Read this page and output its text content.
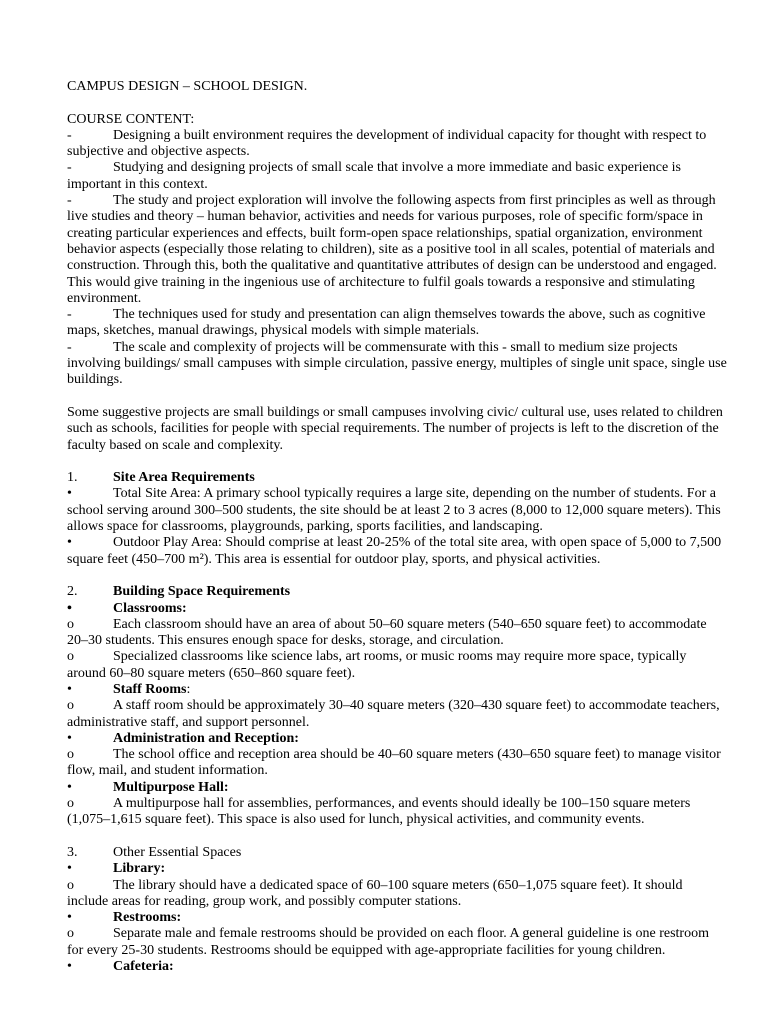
CAMPUS DESIGN – SCHOOL DESIGN.

COURSE CONTENT:

-	Designing a built environment requires the development of individual capacity for thought with respect to subjective and objective aspects.

-	Studying and designing projects of small scale that involve a more immediate and basic experience is important in this context.

-	The study and project exploration will involve the following aspects from first principles as well as through live studies and theory – human behavior, activities and needs for various purposes, role of specific form/space in creating particular experiences and effects, built form-open space relationships, spatial organization, environment behavior aspects (especially those relating to children), site as a positive tool in all scales, potential of materials and construction. Through this, both the qualitative and quantitative attributes of design can be understood and engaged. This would give training in the ingenious use of architecture to fulfil goals towards a responsive and stimulating environment.

-	The techniques used for study and presentation can align themselves towards the above, such as cognitive maps, sketches, manual drawings, physical models with simple materials.

-	The scale and complexity of projects will be commensurate with this - small to medium size projects involving buildings/ small campuses with simple circulation, passive energy, multiples of single unit space, single use buildings.

Some suggestive projects are small buildings or small campuses involving civic/ cultural use, uses related to children such as schools, facilities for people with special requirements. The number of projects is left to the discretion of the faculty based on scale and complexity.

1.	Site Area Requirements

•	Total Site Area: A primary school typically requires a large site, depending on the number of students. For a school serving around 300–500 students, the site should be at least 2 to 3 acres (8,000 to 12,000 square meters). This allows space for classrooms, playgrounds, parking, sports facilities, and landscaping.

•	Outdoor Play Area: Should comprise at least 20-25% of the total site area, with open space of 5,000 to 7,500 square feet (450–700 m²). This area is essential for outdoor play, sports, and physical activities.

2.	Building Space Requirements

•	Classrooms:

o	Each classroom should have an area of about 50–60 square meters (540–650 square feet) to accommodate 20–30 students. This ensures enough space for desks, storage, and circulation.

o	Specialized classrooms like science labs, art rooms, or music rooms may require more space, typically around 60–80 square meters (650–860 square feet).

•	Staff Rooms:

o	A staff room should be approximately 30–40 square meters (320–430 square feet) to accommodate teachers, administrative staff, and support personnel.

•	Administration and Reception:

o	The school office and reception area should be 40–60 square meters (430–650 square feet) to manage visitor flow, mail, and student information.

•	Multipurpose Hall:

o	A multipurpose hall for assemblies, performances, and events should ideally be 100–150 square meters (1,075–1,615 square feet). This space is also used for lunch, physical activities, and community events.

3.	Other Essential Spaces

•	Library:

o	The library should have a dedicated space of 60–100 square meters (650–1,075 square feet). It should include areas for reading, group work, and possibly computer stations.

•	Restrooms:

o	Separate male and female restrooms should be provided on each floor. A general guideline is one restroom for every 25-30 students. Restrooms should be equipped with age-appropriate facilities for young children.

•	Cafeteria:
